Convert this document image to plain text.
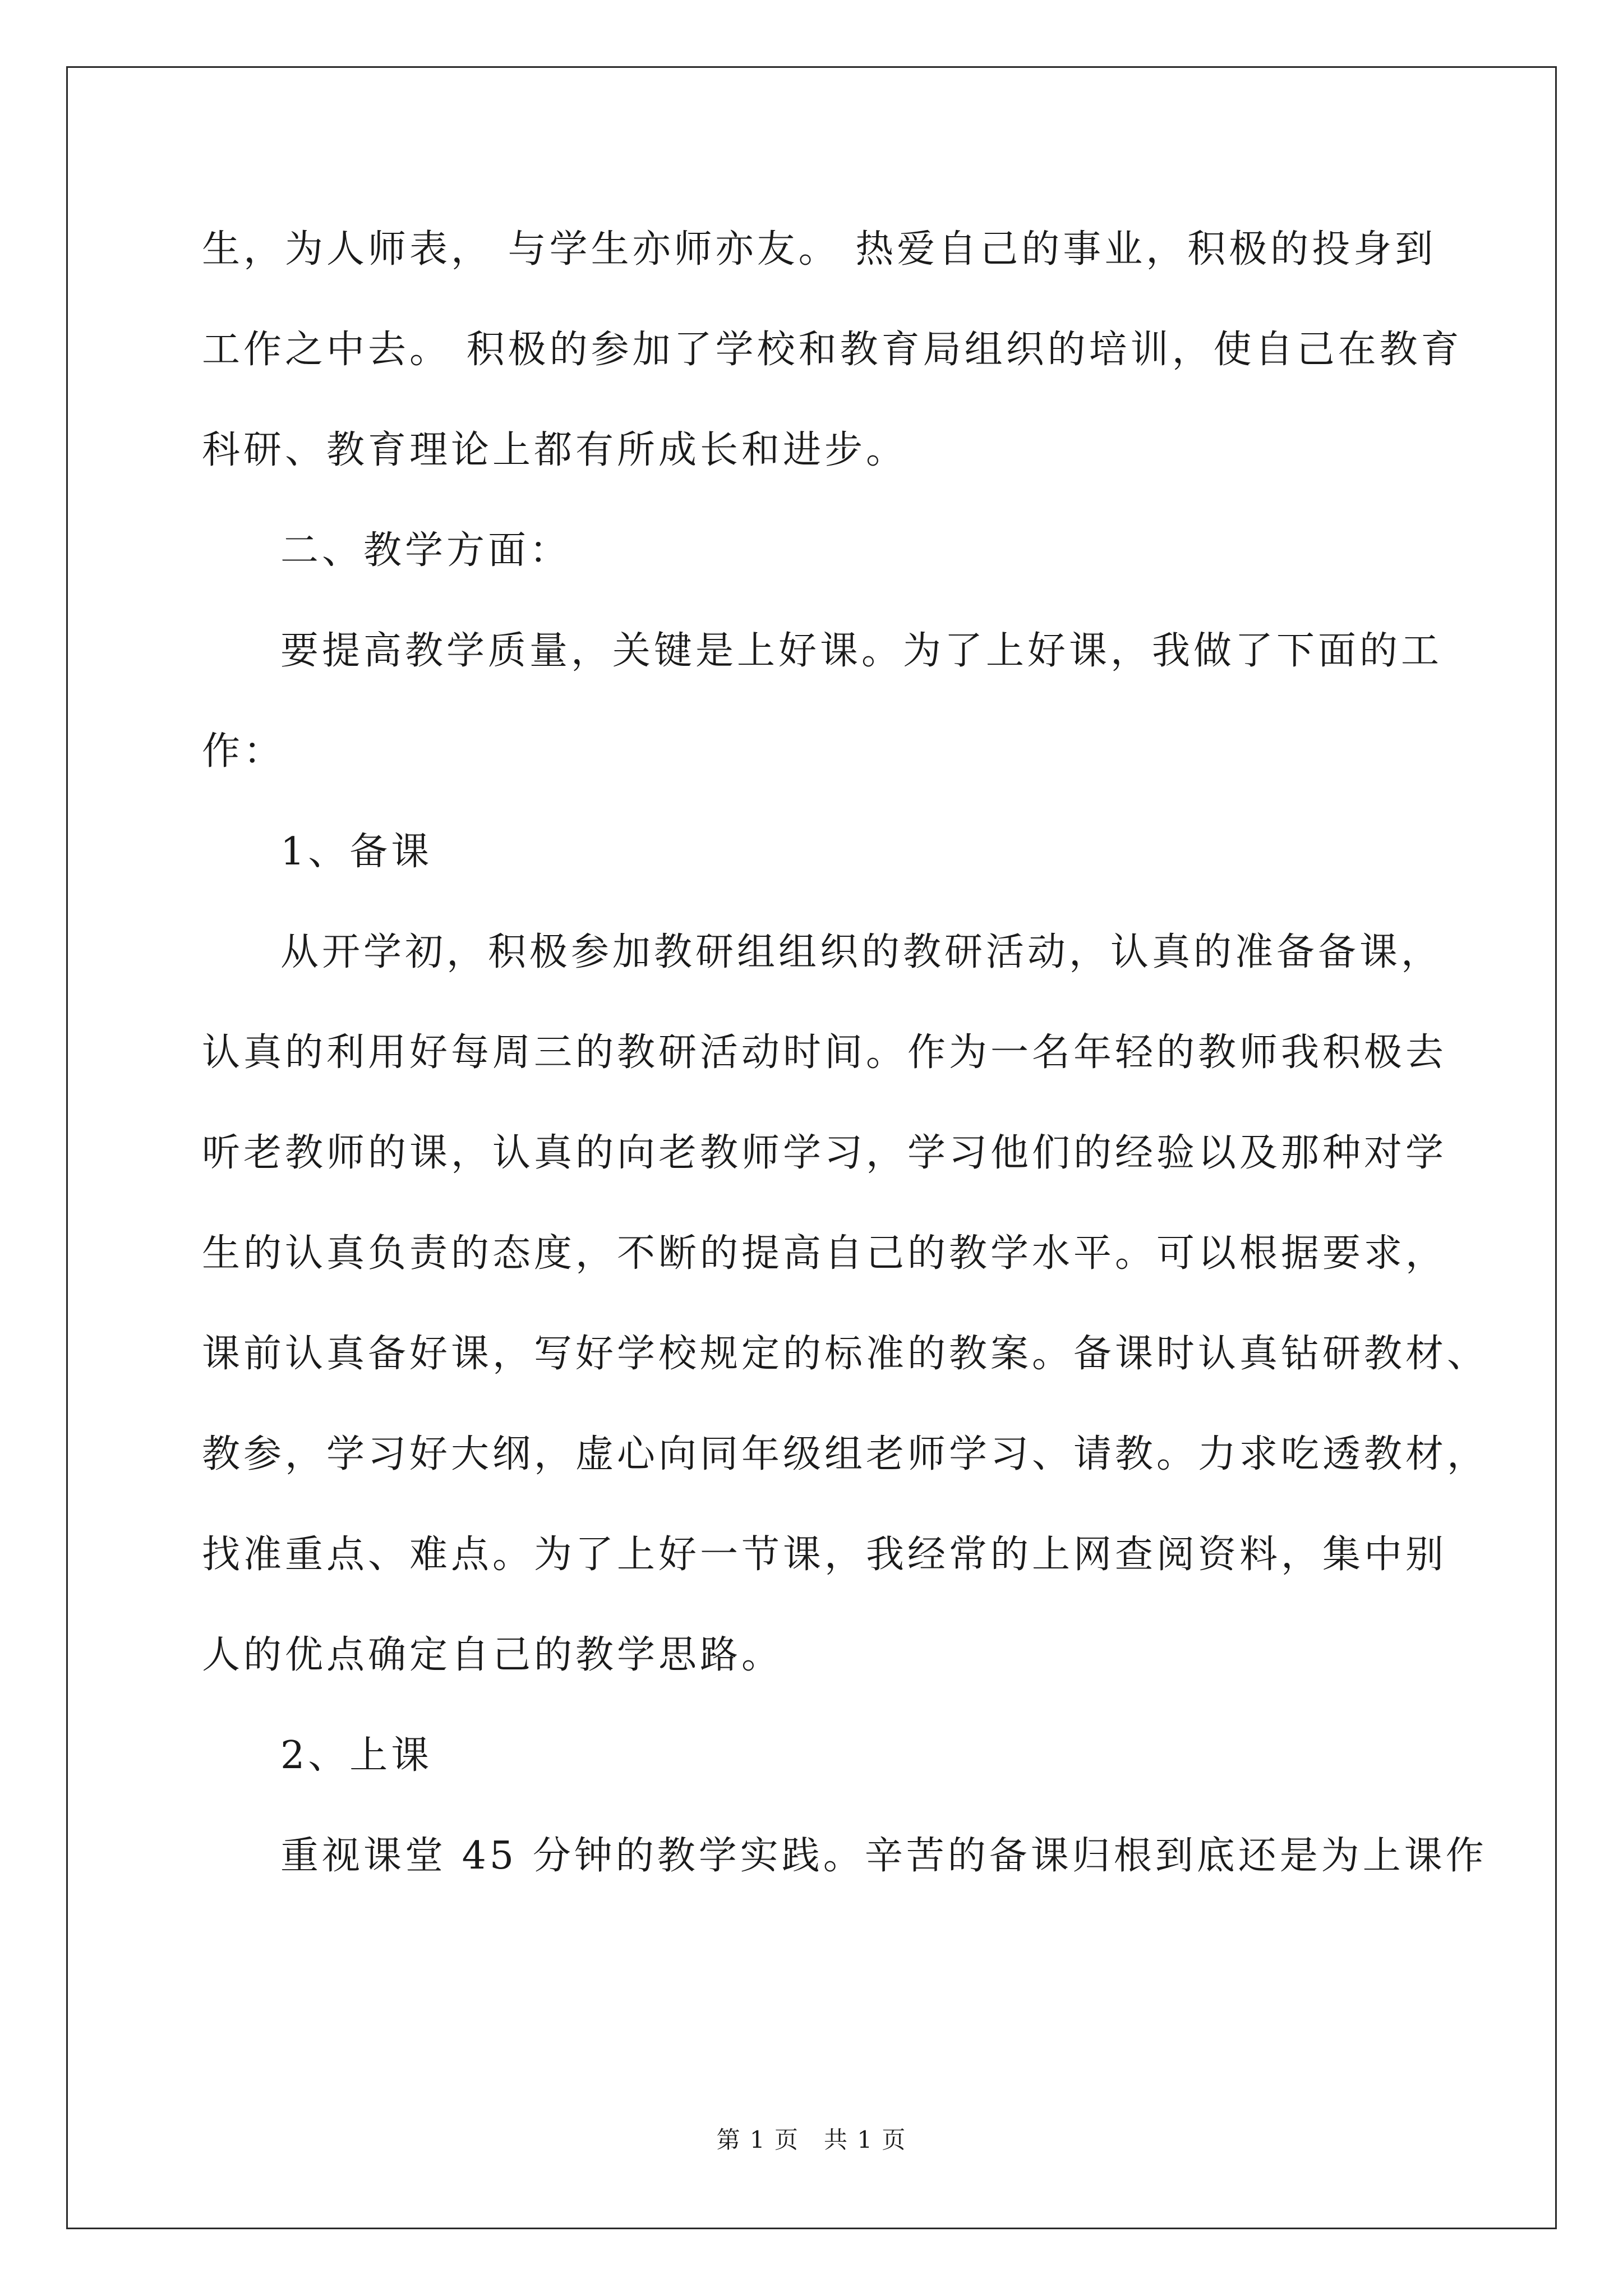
生，为人师表， 与学生亦师亦友。 热爱自己的事业，积极的投身到
工作之中去。 积极的参加了学校和教育局组织的培训，使自己在教育
科研、教育理论上都有所成长和进步。
二、教学方面：
要提高教学质量，关键是上好课。为了上好课，我做了下面的工
作：
1、备课
从开学初，积极参加教研组组织的教研活动，认真的准备备课，
认真的利用好每周三的教研活动时间。作为一名年轻的教师我积极去
听老教师的课，认真的向老教师学习，学习他们的经验以及那种对学
生的认真负责的态度，不断的提高自己的教学水平。可以根据要求，
课前认真备好课，写好学校规定的标准的教案。备课时认真钻研教材、
教参，学习好大纲，虚心向同年级组老师学习、请教。力求吃透教材，
找准重点、难点。为了上好一节课，我经常的上网查阅资料，集中别
人的优点确定自己的教学思路。
2、上课
重视课堂 45 分钟的教学实践。辛苦的备课归根到底还是为上课作
第 1 页 共 1 页
